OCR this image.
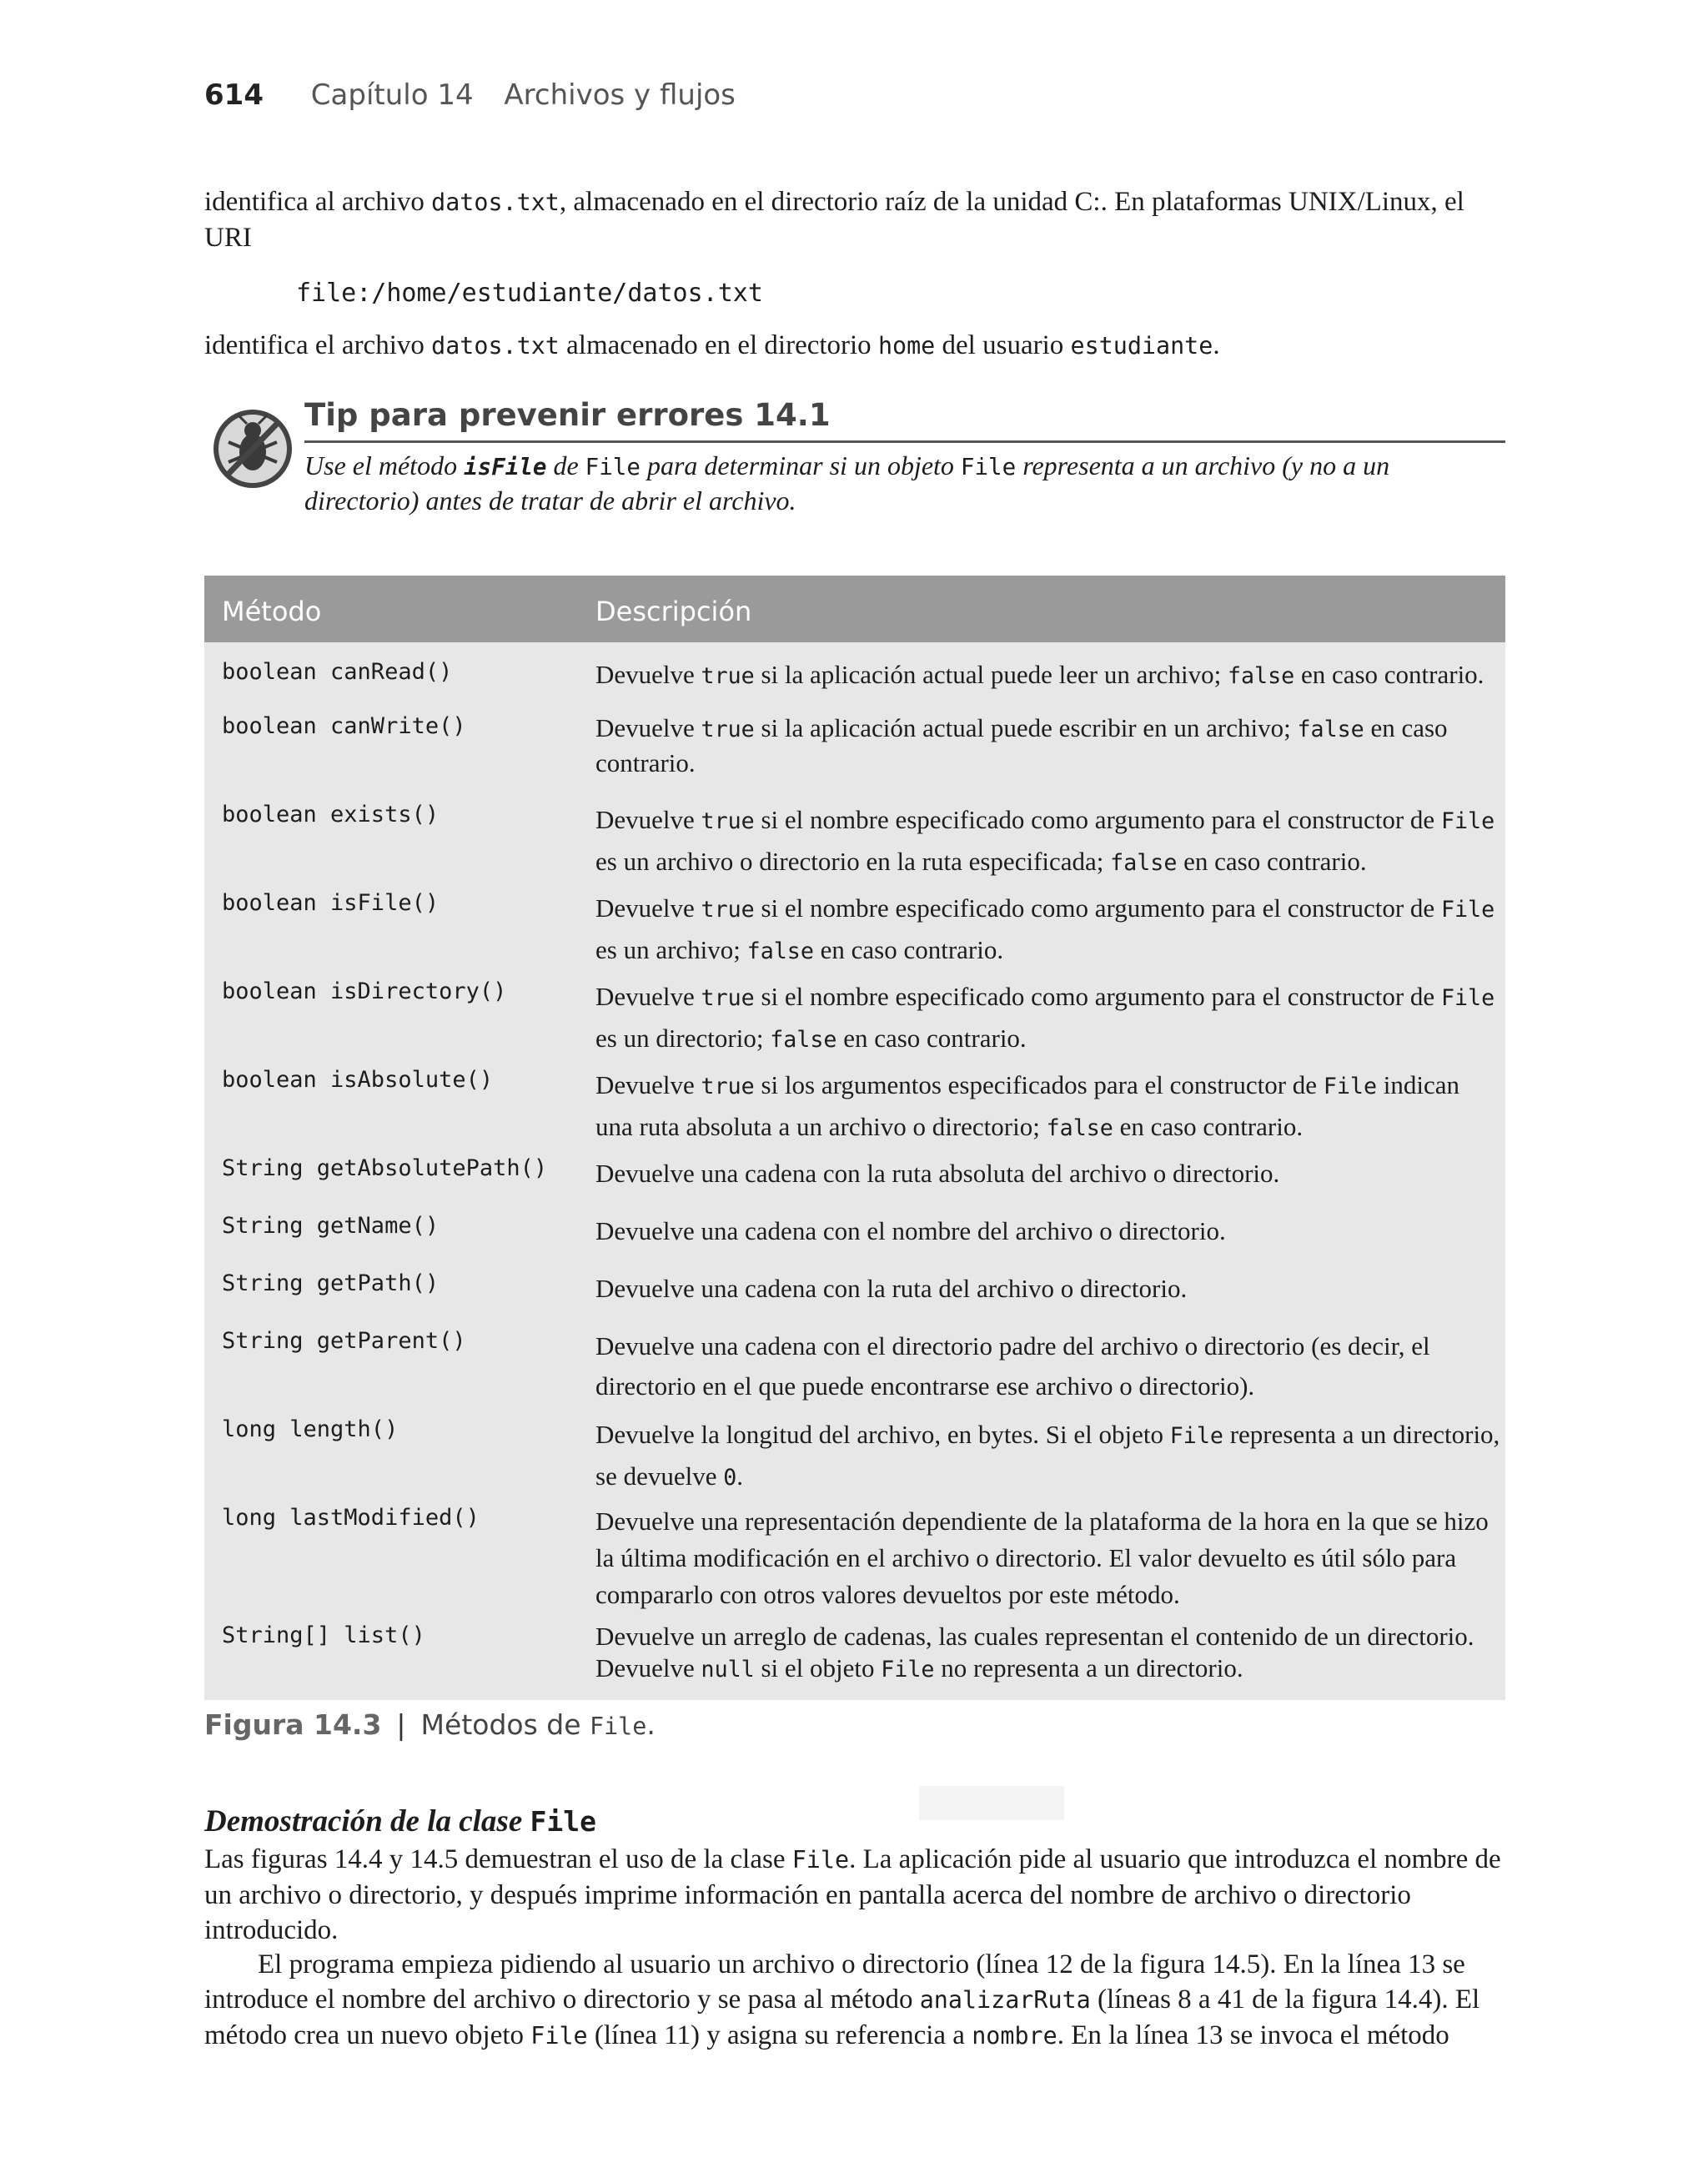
614 Capítulo 14 Archivos y flujos

identifica al archivo datos.txt, almacenado en el directorio raíz de la unidad C:. En plataformas UNIX/Linux, el URI

file:/home/estudiante/datos.txt

identifica el archivo datos.txt almacenado en el directorio home del usuario estudiante.

Tip para prevenir errores 14.1

Use el método isFile de File para determinar si un objeto File representa a un archivo (y no a un directorio) antes de tratar de abrir el archivo.

Método	Descripción
boolean canRead()	Devuelve true si la aplicación actual puede leer un archivo; false en caso contrario.

boolean canWrite()	Devuelve true si la aplicación actual puede escribir en un archivo; false en caso contrario.

boolean exists()	Devuelve true si el nombre especificado como argumento para el constructor de File es un archivo o directorio en la ruta especificada; false en caso contrario.

boolean isFile()	Devuelve true si el nombre especificado como argumento para el constructor de File es un archivo; false en caso contrario.

boolean isDirectory()	Devuelve true si el nombre especificado como argumento para el constructor de File es un directorio; false en caso contrario.

boolean isAbsolute()	Devuelve true si los argumentos especificados para el constructor de File indican una ruta absoluta a un archivo o directorio; false en caso contrario.

String getAbsolutePath() Devuelve una cadena con la ruta absoluta del archivo o directorio.

String getName()	Devuelve una cadena con el nombre del archivo o directorio.

String getPath()	Devuelve una cadena con la ruta del archivo o directorio.

String getParent()	Devuelve una cadena con el directorio padre del archivo o directorio (es decir, el directorio en el que puede encontrarse ese archivo o directorio).

long length()	Devuelve la longitud del archivo, en bytes. Si el objeto File representa a un directorio, se devuelve 0.

long lastModified()	Devuelve una representación dependiente de la plataforma de la hora en la que se hizo la última modificación en el archivo o directorio. El valor devuelto es útil sólo para compararlo con otros valores devueltos por este método.

String[] list()	Devuelve un arreglo de cadenas, las cuales representan el contenido de un directorio. Devuelve null si el objeto File no representa a un directorio.

Figura 14.3 | Métodos de File.
Demostración de la clase File

Las figuras 14.4 y 14.5 demuestran el uso de la clase File. La aplicación pide al usuario que introduzca el nombre de un archivo o directorio, y después imprime información en pantalla acerca del nombre de archivo o directorio introducido.

El programa empieza pidiendo al usuario un archivo o directorio (línea 12 de la figura 14.5). En la línea 13 se introduce el nombre del archivo o directorio y se pasa al método analizarRuta (líneas 8 a 41 de la figura 14.4). El método crea un nuevo objeto File (línea 11) y asigna su referencia a nombre. En la línea 13 se invoca el método
